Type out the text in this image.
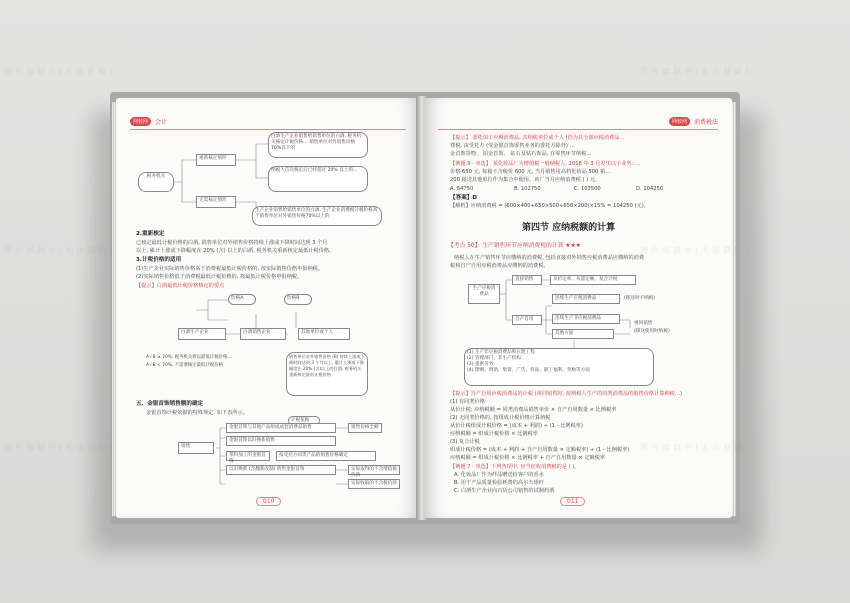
网校网	会计
税务机关
重新核定情形
无需核定情形
白酒生产企业销售给销售单位的白酒, 税务机关核定计税价格… 销售单位对外销售价格 70%以下的
纳税人首次核定后已经超过 20% 以上的…
生产企业销售给销售单位的白酒, 生产企业消费税计税价格高于销售单位对外销售价格70%以上的
2.重新核定
已核定最低计税价格的白酒, 销售单位对外销售价格持续上涨或下降时间达到 3 个月
以上, 累计上涨或下降幅度在 20% (含) 以上的白酒, 税务机关重新核定最低计税价格。
3.计税价格的适用
(1)生产企业实际销售价格高于消费税最低计税价格的, 按实际销售价格申报纳税。
(2)实际销售价格低于消费税最低计税价格的, 按最低计税价格申报纳税。
【提示】白酒最低计税价格核定的要点
价格A	价格B
白酒生产企业	白酒销售企业	其他单位或个人
A÷B ≥ 70%, 税务机关将以最低计税价格…
A÷B < 70%, 不需要核定最低计税价格
销售单位对外销售价格 (B) 持续上涨或下降时间达到 3 个月以上, 累计上涨或下降幅度在 20% (含)以上的白酒, 税务机关重新核定最低计税价格
五、金银首饰销售额的确定
金银首饰计税依据的特殊规定, 如下表所示。
计税依据
销售
金银首饰与其他产品组成成套消费品销售	销售价格全额
金银首饰以旧换新销售
带料加工的金银首饰
按受托方同类产品的销售价格确定
以旧换新 (含翻新改制) 销售金银首饰	实际取得的不含增值税价款
实际收取的不含税价款
010
网校网	消费税法
【提示】 委托加工应税消费品, 其纳税单位或个人 (仍为其全部应税消费品…
费税, 由受托方 (受金银首饰零售业务的委托方除外) …
金首饰货物、 铂金首饰、 钻石及钻石饰品, 在零售环节纳税…
【例题 9 · 单选】 某化妆品厂为增值税一般纳税人, 2018 年 3 月发生以下业务: …
价格 650 元, 每箱不含税价 600 元, 当月销售用高档化妆品 500 箱…
200 箱送其他单位作为集合中使用。该厂当月应纳消费税 ( ) 元。
A. 64750	B. 102750	C. 103500	D. 104250
【答案】D
【解析】应纳消费税 = (600×400+650×500+650×200)×15% = 104250 (元)。
第四节 应纳税额的计算
【考点 50】 生产销售环节应纳消费税的计算 ★★★
纳税人在生产销售环节应缴纳的消费税, 包括直接对外销售应税消费品应缴纳的消费
税和自产自用应税消费品应缴纳的消费税。
生产应税消费品
直接销售	从价定率、从量定额、复合计税
自产自用
连续生产应税消费品	(移送时不纳税)
连续生产非应税消费品
其他方面
视同销售
(移送使用时纳税)
(1) 生产非应税消费品和在建工程
(2) 管理部门、非生产机构
(3) 提供劳务
(4) 馈赠、赞助、集资、广告、样品、职工福利、奖励等方面
【提示】自产自用应税消费品的计税 (视同销售时, 按纳税人生产的同类消费品的销售价格计算纳税…)
(1) 有同类价格
从价计税: 应纳税额 = 同类消费品销售单价 × 自产自用数量 × 比例税率
(2) 无同类价格的, 按组成计税价格计算纳税
从价计税组成计税价格 = (成本 + 利润) ÷ (1 - 比例税率)
应纳税额 = 组成计税价格 × 比例税率
(3) 复合计税
组成计税价格 = (成本 + 利润 + 自产自用数量 × 定额税率) ÷ (1 - 比例税率)
应纳税额 = 组成计税价格 × 比例税率 + 自产自用数量 × 定额税率
【例题 7 · 单选】下列各项中, 应当征收消费税的是 ( )。
A. 化妆品厂作为样品赠送给客户的香水
B. 用于产品质量检验耗费的高尔夫球杆
C. 白酒生产企业向百货公司销售的试制药酒
011
图片加载中(无法获取)
图片加载中(无法获取)
图片加载中(无法获取)
图片加载中(无法获取)
图片加载中(无法获取)
图片加载中(无法获取)
